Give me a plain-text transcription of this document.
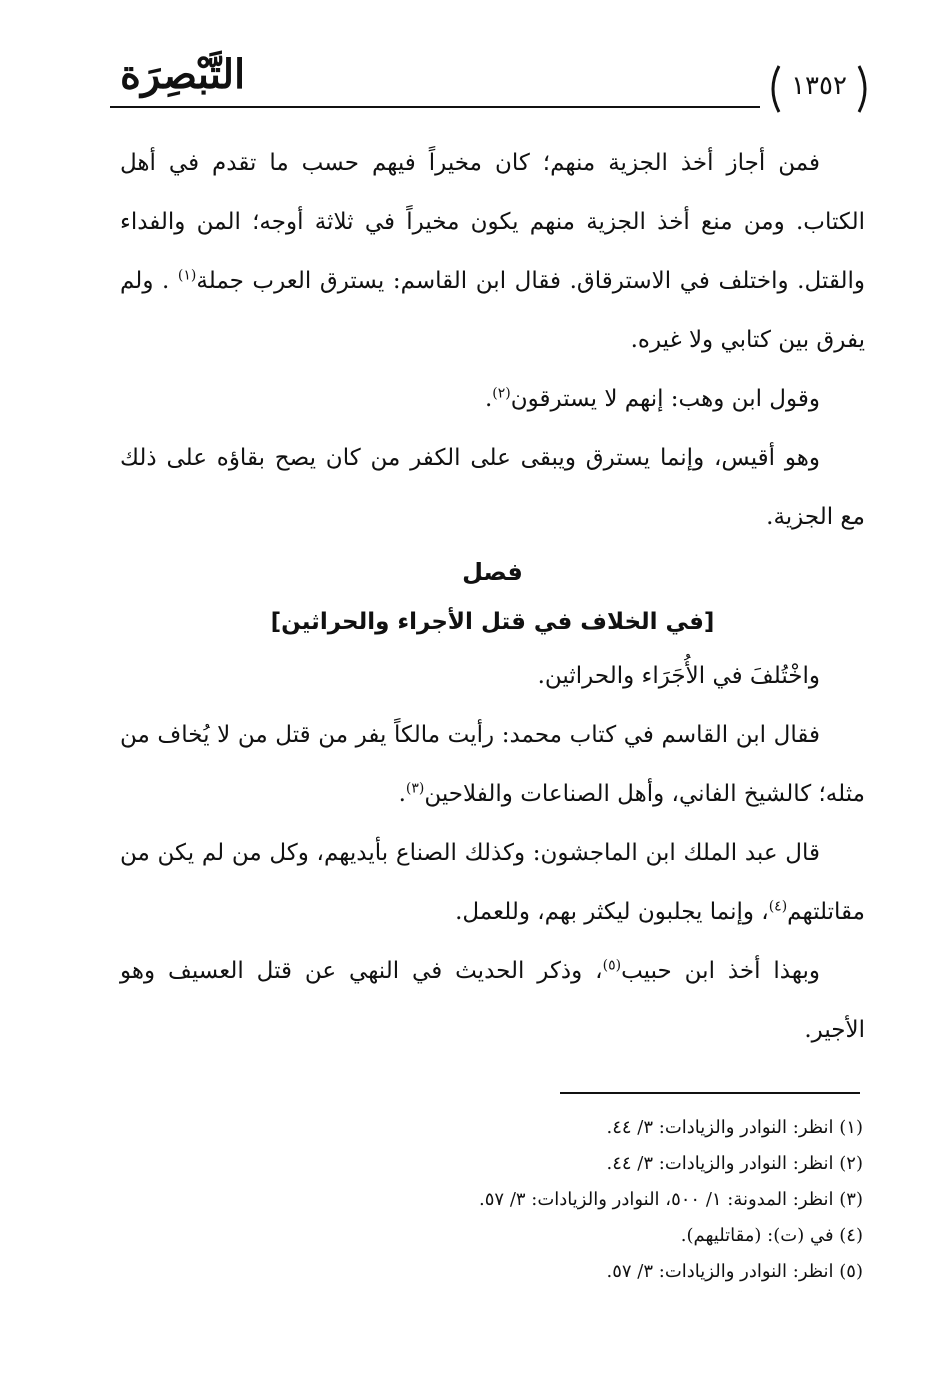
التَّبْصِرَة	١٣٥٢

فمن أجاز أخذ الجزية منهم؛ كان مخيراً فيهم حسب ما تقدم في أهل الكتاب. ومن منع أخذ الجزية منهم يكون مخيراً في ثلاثة أوجه؛ المن والفداء والقتل. واختلف في الاسترقاق. فقال ابن القاسم: يسترق العرب جملة$^{(١)}$ . ولم يفرق بين كتابي ولا غيره.

وقول ابن وهب: إنهم لا يسترقون$^{(٢)}$.

وهو أقيس، وإنما يسترق ويبقى على الكفر من كان يصح بقاؤه على ذلك مع الجزية.

فصل

[في الخلاف في قتل الأجراء والحراثين]

واخْتُلفَ في الأُجَرَاء والحراثين.

فقال ابن القاسم في كتاب محمد: رأيت مالكاً يفر من قتل من لا يُخاف من مثله؛ كالشيخ الفاني، وأهل الصناعات والفلاحين$^{(٣)}$.

قال عبد الملك ابن الماجشون: وكذلك الصناع بأيديهم، وكل من لم يكن من مقاتلتهم$^{(٤)}$، وإنما يجلبون ليكثر بهم، وللعمل.

وبهذا أخذ ابن حبيب$^{(٥)}$، وذكر الحديث في النهي عن قتل العسيف وهو الأجير.

(١) انظر: النوادر والزيادات: ٣/ ٤٤.
(٢) انظر: النوادر والزيادات: ٣/ ٤٤.
(٣) انظر: المدونة: ١/ ٥٠٠، النوادر والزيادات: ٣/ ٥٧.
(٤) في (ت): (مقاتليهم).
(٥) انظر: النوادر والزيادات: ٣/ ٥٧.
